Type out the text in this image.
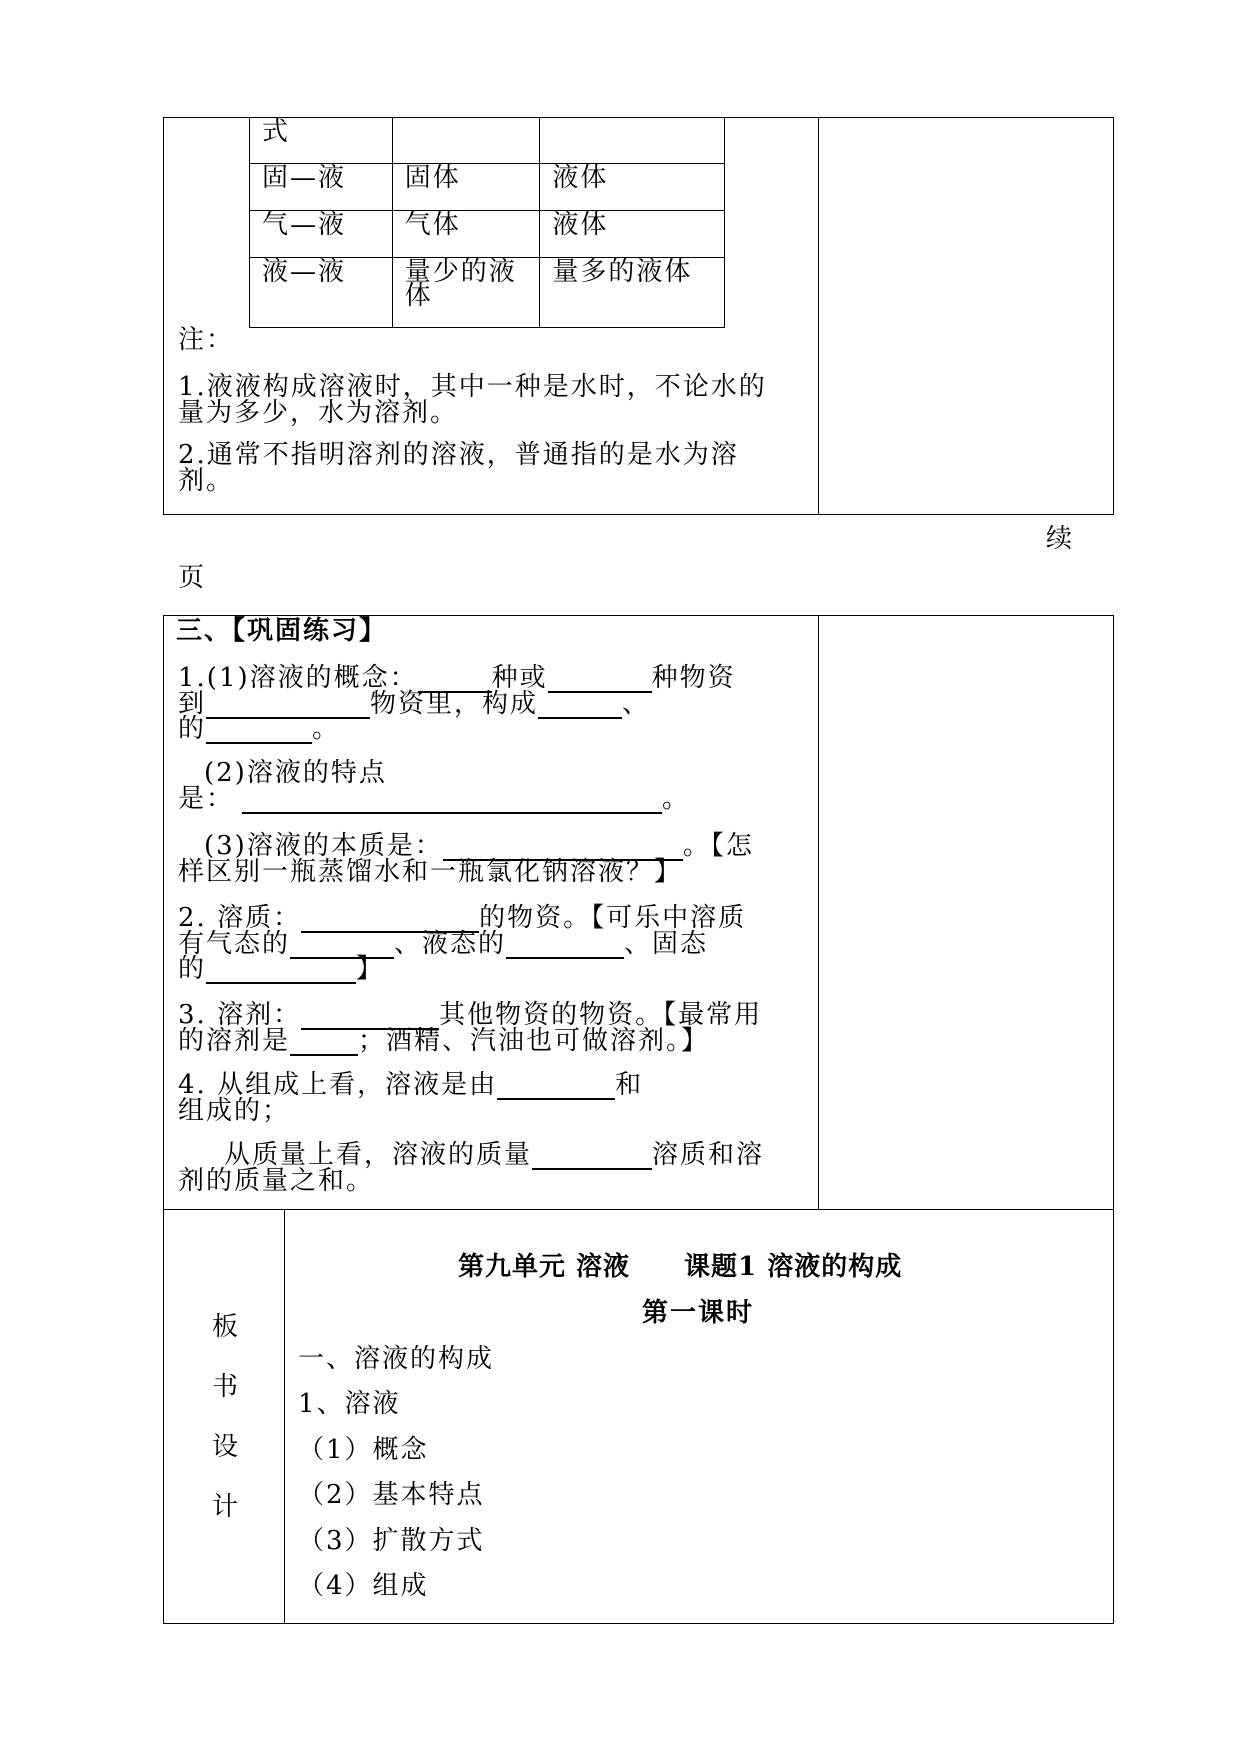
式		
固—液	固体	液体
气—液	气体	液体
液—液	量少的液体	量多的液体
注：
1.液液构成溶液时，其中一种是水时，不论水的
量为多少，水为溶剂。
2.通常不指明溶剂的溶液，普通指的是水为溶
剂。
续
页
三、【巩固练习】
1.(1)溶液的概念：	种或	种物资
到	物资里，构成	、
的	。
(2)溶液的特点
是：	。
(3)溶液的本质是：	。【怎
样区别一瓶蒸馏水和一瓶氯化钠溶液？】
2. 溶质：	的物资。【可乐中溶质
有气态的	、液态的	、固态
的	】
3. 溶剂：	其他物资的物资。【最常用
的溶剂是	；酒精、汽油也可做溶剂。】
4. 从组成上看，溶液是由	和
组成的；
从质量上看，溶液的质量	溶质和溶
剂的质量之和。
板
书
设
计
第九单元 溶液　　课题1 溶液的构成
第一课时
一、溶液的构成
1、溶液
（1）概念
（2）基本特点
（3）扩散方式
（4）组成
